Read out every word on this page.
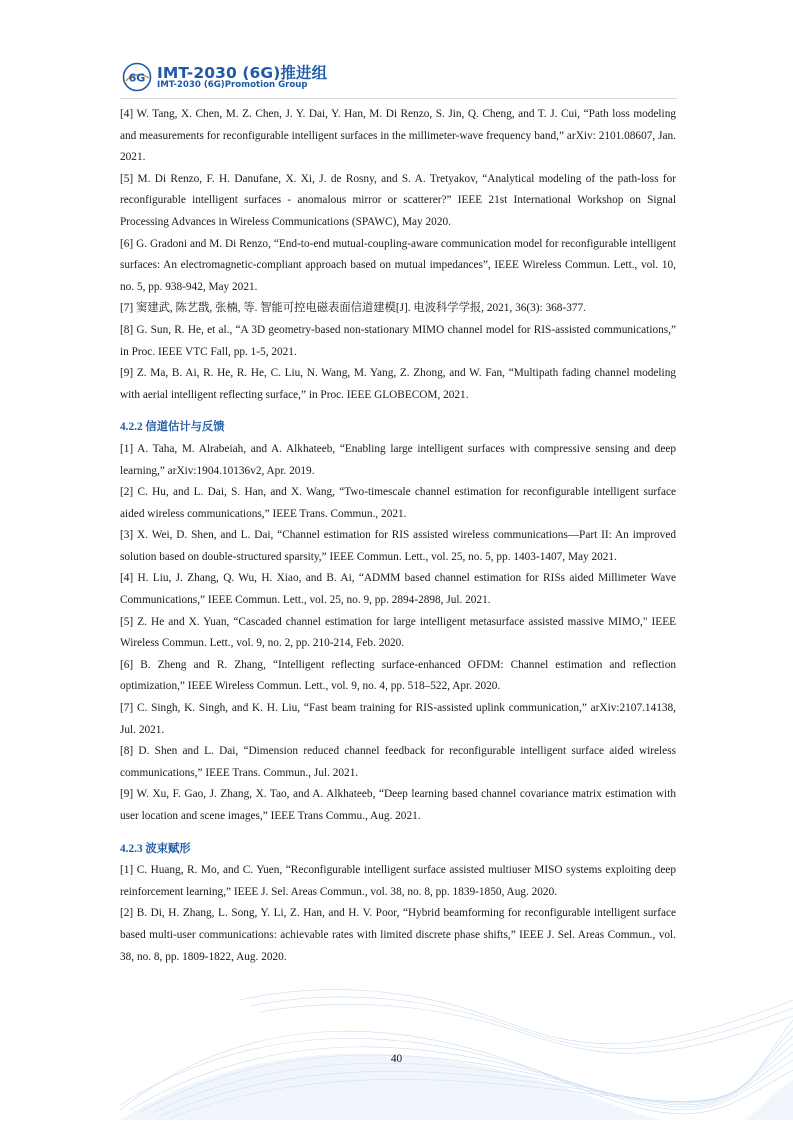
6G IMT-2030 (6G)推进组
IMT-2030 (6G)Promotion Group

[4] W. Tang, X. Chen, M. Z. Chen, J. Y. Dai, Y. Han, M. Di Renzo, S. Jin, Q. Cheng, and T. J. Cui, “Path loss modeling and measurements for reconfigurable intelligent surfaces in the millimeter-wave frequency band,” arXiv: 2101.08607, Jan. 2021.

[5] M. Di Renzo, F. H. Danufane, X. Xi, J. de Rosny, and S. A. Tretyakov, “Analytical modeling of the path-loss for reconfigurable intelligent surfaces - anomalous mirror or scatterer?” IEEE 21st International Workshop on Signal Processing Advances in Wireless Communications (SPAWC), May 2020.

[6] G. Gradoni and M. Di Renzo, “End-to-end mutual-coupling-aware communication model for reconfigurable intelligent surfaces: An electromagnetic-compliant approach based on mutual impedances”, IEEE Wireless Commun. Lett., vol. 10, no. 5, pp. 938-942, May 2021.

[7] 窦建武, 陈艺戬, 张楠, 等. 智能可控电磁表面信道建模[J]. 电波科学学报, 2021, 36(3): 368-377.

[8] G. Sun, R. He, et al., “A 3D geometry-based non-stationary MIMO channel model for RIS-assisted communications,” in Proc. IEEE VTC Fall, pp. 1-5, 2021.

[9] Z. Ma, B. Ai, R. He, R. He, C. Liu, N. Wang, M. Yang, Z. Zhong, and W. Fan, “Multipath fading channel modeling with aerial intelligent reflecting surface,” in Proc. IEEE GLOBECOM, 2021.

4.2.2 信道估计与反馈

[1] A. Taha, M. Alrabeiah, and A. Alkhateeb, “Enabling large intelligent surfaces with compressive sensing and deep learning,” arXiv:1904.10136v2, Apr. 2019.

[2] C. Hu, and L. Dai, S. Han, and X. Wang, “Two-timescale channel estimation for reconfigurable intelligent surface aided wireless communications,” IEEE Trans. Commun., 2021.

[3] X. Wei, D. Shen, and L. Dai, “Channel estimation for RIS assisted wireless communications—Part II: An improved solution based on double-structured sparsity,” IEEE Commun. Lett., vol. 25, no. 5, pp. 1403-1407, May 2021.

[4] H. Liu, J. Zhang, Q. Wu, H. Xiao, and B. Ai, “ADMM based channel estimation for RISs aided Millimeter Wave Communications,” IEEE Commun. Lett., vol. 25, no. 9, pp. 2894-2898, Jul. 2021.

[5] Z. He and X. Yuan, “Cascaded channel estimation for large intelligent metasurface assisted massive MIMO," IEEE Wireless Commun. Lett., vol. 9, no. 2, pp. 210-214, Feb. 2020.

[6] B. Zheng and R. Zhang, “Intelligent reflecting surface-enhanced OFDM: Channel estimation and reflection optimization,” IEEE Wireless Commun. Lett., vol. 9, no. 4, pp. 518–522, Apr. 2020.

[7] C. Singh, K. Singh, and K. H. Liu, “Fast beam training for RIS-assisted uplink communication,” arXiv:2107.14138, Jul. 2021.

[8] D. Shen and L. Dai, “Dimension reduced channel feedback for reconfigurable intelligent surface aided wireless communications,” IEEE Trans. Commun., Jul. 2021.

[9] W. Xu, F. Gao, J. Zhang, X. Tao, and A. Alkhateeb, “Deep learning based channel covariance matrix estimation with user location and scene images,” IEEE Trans Commu., Aug. 2021.

4.2.3 波束赋形

[1] C. Huang, R. Mo, and C. Yuen, “Reconfigurable intelligent surface assisted multiuser MISO systems exploiting deep reinforcement learning,” IEEE J. Sel. Areas Commun., vol. 38, no. 8, pp. 1839-1850, Aug. 2020.

[2] B. Di, H. Zhang, L. Song, Y. Li, Z. Han, and H. V. Poor, “Hybrid beamforming for reconfigurable intelligent surface based multi-user communications: achievable rates with limited discrete phase shifts,” IEEE J. Sel. Areas Commun., vol. 38, no. 8, pp. 1809-1822, Aug. 2020.

40
